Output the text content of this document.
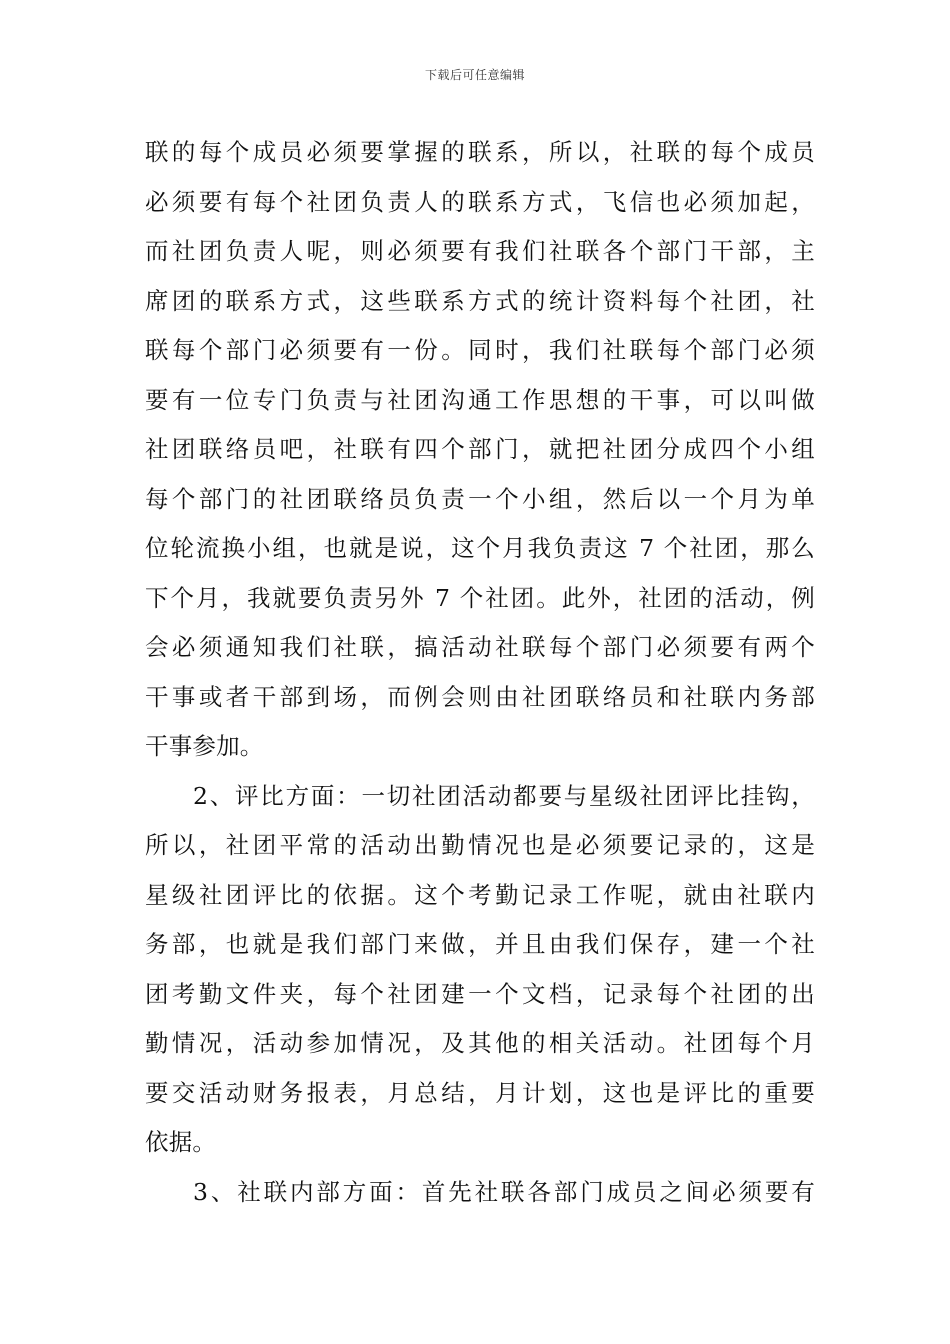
下载后可任意编辑
联的每个成员必须要掌握的联系，所以，社联的每个成员
必须要有每个社团负责人的联系方式，飞信也必须加起，
而社团负责人呢，则必须要有我们社联各个部门干部，主
席团的联系方式，这些联系方式的统计资料每个社团，社
联每个部门必须要有一份。同时，我们社联每个部门必须
要有一位专门负责与社团沟通工作思想的干事，可以叫做
社团联络员吧，社联有四个部门，就把社团分成四个小组
每个部门的社团联络员负责一个小组，然后以一个月为单
位轮流换小组，也就是说，这个月我负责这 7 个社团，那么
下个月，我就要负责另外 7 个社团。此外，社团的活动，例
会必须通知我们社联，搞活动社联每个部门必须要有两个
干事或者干部到场，而例会则由社团联络员和社联内务部
干事参加。
2、评比方面：一切社团活动都要与星级社团评比挂钩，
所以，社团平常的活动出勤情况也是必须要记录的，这是
星级社团评比的依据。这个考勤记录工作呢，就由社联内
务部，也就是我们部门来做，并且由我们保存，建一个社
团考勤文件夹，每个社团建一个文档，记录每个社团的出
勤情况，活动参加情况，及其他的相关活动。社团每个月
要交活动财务报表，月总结，月计划，这也是评比的重要
依据。
3、社联内部方面：首先社联各部门成员之间必须要有
